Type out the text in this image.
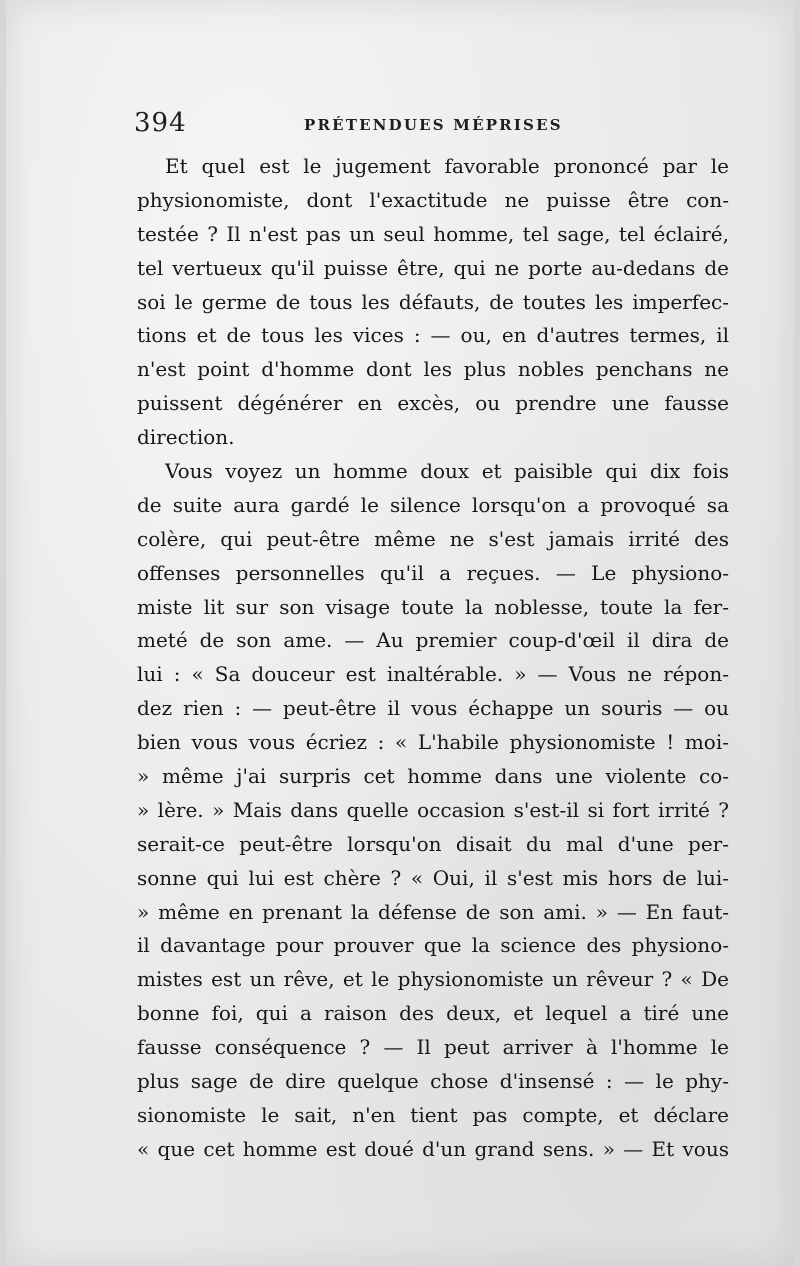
394	PRÉTENDUES MÉPRISES
Et quel est le jugement favorable prononcé par le
physionomiste, dont l'exactitude ne puisse être con-
testée ? Il n'est pas un seul homme, tel sage, tel éclairé,
tel vertueux qu'il puisse être, qui ne porte au-dedans de
soi le germe de tous les défauts, de toutes les imperfec-
tions et de tous les vices : — ou, en d'autres termes, il
n'est point d'homme dont les plus nobles penchans ne
puissent dégénérer en excès, ou prendre une fausse
direction.
Vous voyez un homme doux et paisible qui dix fois
de suite aura gardé le silence lorsqu'on a provoqué sa
colère, qui peut-être même ne s'est jamais irrité des
offenses personnelles qu'il a reçues. — Le physiono-
miste lit sur son visage toute la noblesse, toute la fer-
meté de son ame. — Au premier coup-d'œil il dira de
lui : « Sa douceur est inaltérable. » — Vous ne répon-
dez rien : — peut-être il vous échappe un souris — ou
bien vous vous écriez : « L'habile physionomiste ! moi-
» même j'ai surpris cet homme dans une violente co-
» lère. » Mais dans quelle occasion s'est-il si fort irrité ?
serait-ce peut-être lorsqu'on disait du mal d'une per-
sonne qui lui est chère ? « Oui, il s'est mis hors de lui-
» même en prenant la défense de son ami. » — En faut-
il davantage pour prouver que la science des physiono-
mistes est un rêve, et le physionomiste un rêveur ? « De
bonne foi, qui a raison des deux, et lequel a tiré une
fausse conséquence ? — Il peut arriver à l'homme le
plus sage de dire quelque chose d'insensé : — le phy-
sionomiste le sait, n'en tient pas compte, et déclare
« que cet homme est doué d'un grand sens. » — Et vous
